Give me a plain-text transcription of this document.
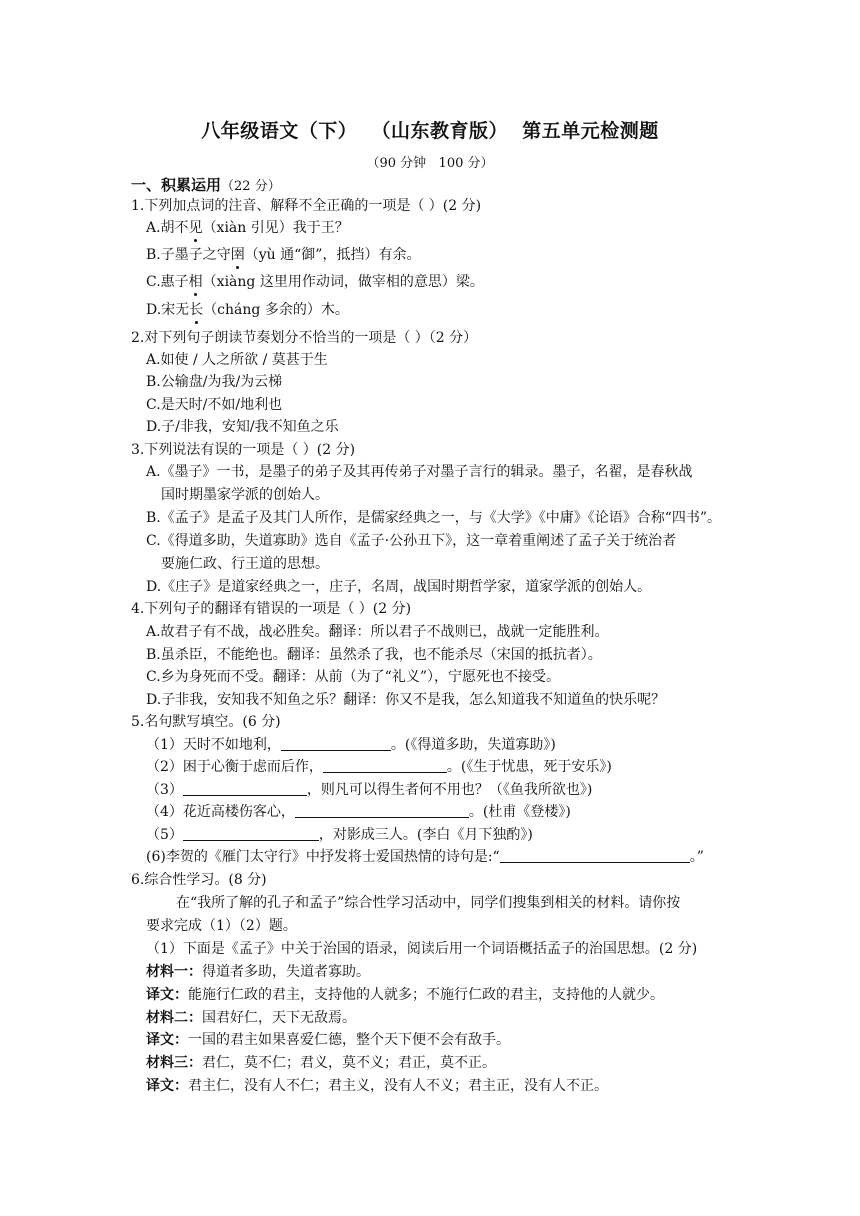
八年级语文（下）  （山东教育版）  第五单元检测题
（90 分钟   100 分）
一、积累运用（22 分）
1.下列加点词的注音、解释不全正确的一项是（ ）(2 分)
A.胡不见（xiàn 引见）我于王？
B.子墨子之守圉（yù 通“御”，抵挡）有余。
C.惠子相（xiàng 这里用作动词，做宰相的意思）梁。
D.宋无长（cháng 多余的）木。
2.对下列句子朗读节奏划分不恰当的一项是（ ）（2 分）
A.如使 / 人之所欲 / 莫甚于生
B.公输盘/为我/为云梯
C.是天时/不如/地利也
D.子/非我，安知/我不知鱼之乐
3.下列说法有误的一项是（ ）(2 分)
A.《墨子》一书，是墨子的弟子及其再传弟子对墨子言行的辑录。墨子，名翟，是春秋战
国时期墨家学派的创始人。
B.《孟子》是孟子及其门人所作，是儒家经典之一，与《大学》《中庸》《论语》合称“四书”。
C.《得道多助，失道寡助》选自《孟子·公孙丑下》，这一章着重阐述了孟子关于统治者
要施仁政、行王道的思想。
D.《庄子》是道家经典之一，庄子，名周，战国时期哲学家，道家学派的创始人。
4.下列句子的翻译有错误的一项是（ ）(2 分)
A.故君子有不战，战必胜矣。翻译：所以君子不战则已，战就一定能胜利。
B.虽杀臣，不能绝也。翻译：虽然杀了我，也不能杀尽（宋国的抵抗者）。
C.乡为身死而不受。翻译：从前（为了“礼义”），宁愿死也不接受。
D.子非我，安知我不知鱼之乐？翻译：你又不是我，怎么知道我不知道鱼的快乐呢？
5.名句默写填空。(6 分)
（1）天时不如地利，	。(《得道多助，失道寡助》)
（2）困于心衡于虑而后作，	。(《生于忧患，死于安乐》)
（3）	，则凡可以得生者何不用也？（《鱼我所欲也》)
（4）花近高楼伤客心，	。(杜甫《登楼》)
（5）	，对影成三人。(李白《月下独酌》)
(6)李贺的《雁门太守行》中抒发将士爱国热情的诗句是:“	。”
6.综合性学习。(8 分)
在“我所了解的孔子和孟子”综合性学习活动中，同学们搜集到相关的材料。请你按
要求完成（1）（2）题。
（1）下面是《孟子》中关于治国的语录，阅读后用一个词语概括孟子的治国思想。(2 分)
材料一：得道者多助，失道者寡助。
译文：能施行仁政的君主，支持他的人就多；不施行仁政的君主，支持他的人就少。
材料二：国君好仁，天下无敌焉。
译文：一国的君主如果喜爱仁德，整个天下便不会有敌手。
材料三：君仁，莫不仁；君义，莫不义；君正，莫不正。
译文：君主仁，没有人不仁；君主义，没有人不义；君主正，没有人不正。
